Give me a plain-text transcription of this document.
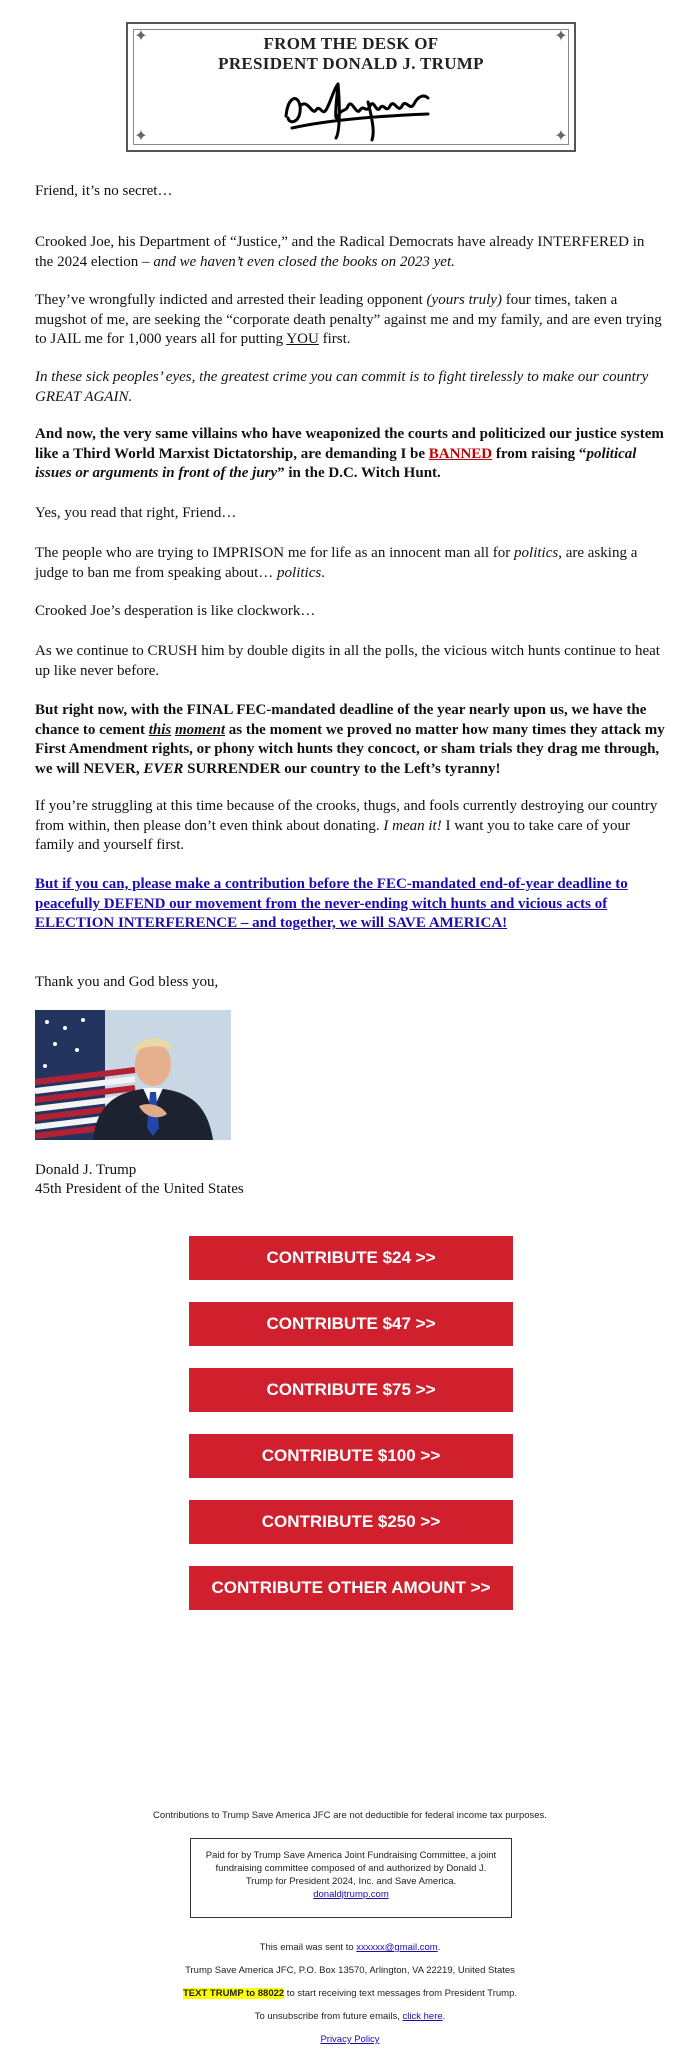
✦	✦
✦	✦
FROM THE DESK OF
PRESIDENT DONALD J. TRUMP

Friend, it’s no secret…

Crooked Joe, his Department of “Justice,” and the Radical Democrats have already INTERFERED in the 2024 election – and we haven’t even closed the books on 2023 yet.

They’ve wrongfully indicted and arrested their leading opponent (yours truly) four times, taken a mugshot of me, are seeking the “corporate death penalty” against me and my family, and are even trying to JAIL me for 1,000 years all for putting YOU first.

In these sick peoples’ eyes, the greatest crime you can commit is to fight tirelessly to make our country GREAT AGAIN.

And now, the very same villains who have weaponized the courts and politicized our justice system like a Third World Marxist Dictatorship, are demanding I be BANNED from raising “political issues or arguments in front of the jury” in the D.C. Witch Hunt.

Yes, you read that right, Friend…

The people who are trying to IMPRISON me for life as an innocent man all for politics, are asking a judge to ban me from speaking about… politics.

Crooked Joe’s desperation is like clockwork…

As we continue to CRUSH him by double digits in all the polls, the vicious witch hunts continue to heat up like never before.

But right now, with the FINAL FEC-mandated deadline of the year nearly upon us, we have the chance to cement this moment as the moment we proved no matter how many times they attack my First Amendment rights, or phony witch hunts they concoct, or sham trials they drag me through, we will NEVER, EVER SURRENDER our country to the Left’s tyranny!

If you’re struggling at this time because of the crooks, thugs, and fools currently destroying our country from within, then please don’t even think about donating. I mean it! I want you to take care of your family and yourself first.

But if you can, please make a contribution before the FEC-mandated end-of-year deadline to peacefully DEFEND our movement from the never-ending witch hunts and vicious acts of ELECTION INTERFERENCE – and together, we will SAVE AMERICA!

Thank you and God bless you,

Donald J. Trump

45th President of the United States

CONTRIBUTE $24 >>
CONTRIBUTE $47 >>
CONTRIBUTE $75 >>
CONTRIBUTE $100 >>
CONTRIBUTE $250 >>
CONTRIBUTE OTHER AMOUNT >>
Contributions to Trump Save America JFC are not deductible for federal income tax purposes.
Paid for by Trump Save America Joint Fundraising Committee, a joint fundraising committee composed of and authorized by Donald J. Trump for President 2024, Inc. and Save America.
donaldjtrump.com
This email was sent to xxxxxx@gmail.com.
Trump Save America JFC, P.O. Box 13570, Arlington, VA 22219, United States
TEXT TRUMP to 88022 to start receiving text messages from President Trump.
To unsubscribe from future emails, click here.
Privacy Policy
